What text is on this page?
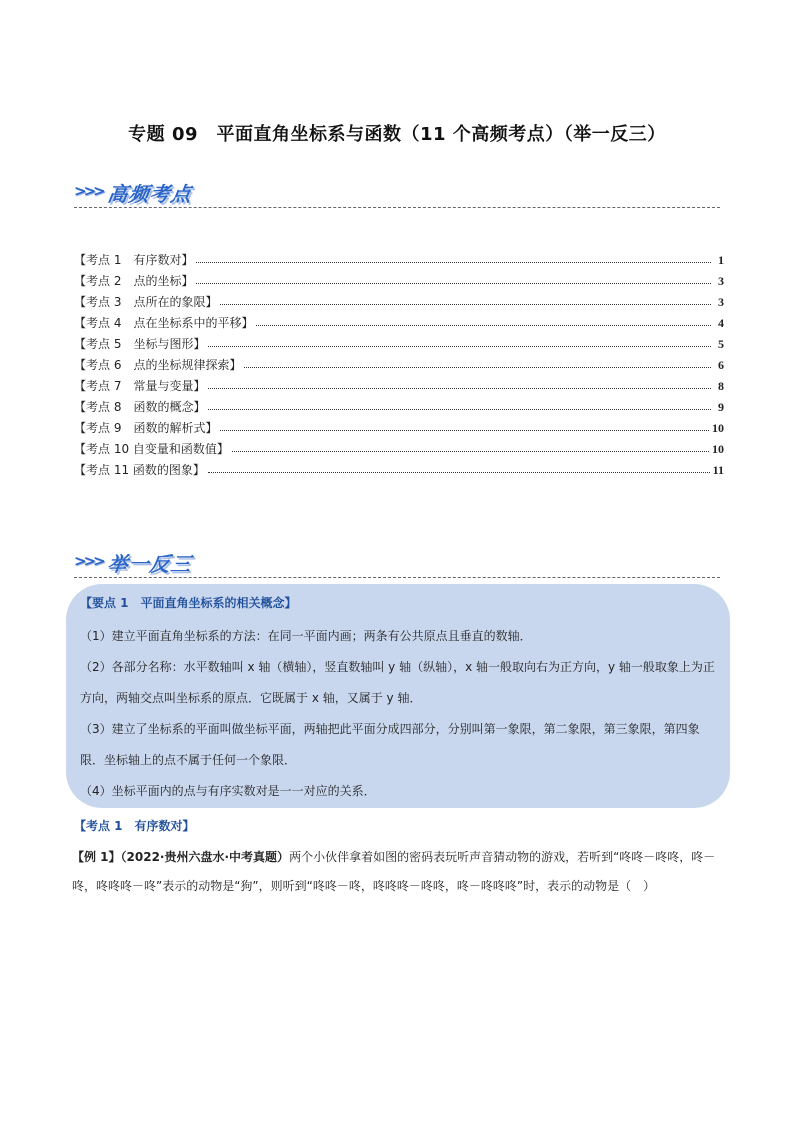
专题 09　平面直角坐标系与函数（11 个高频考点）（举一反三）
>>> 高频考点
【考点 1　有序数对】	1
【考点 2　点的坐标】	3
【考点 3　点所在的象限】	3
【考点 4　点在坐标系中的平移】	4
【考点 5　坐标与图形】	5
【考点 6　点的坐标规律探索】	6
【考点 7　常量与变量】	8
【考点 8　函数的概念】	9
【考点 9　函数的解析式】	10
【考点 10 自变量和函数值】	10
【考点 11 函数的图象】	11
>>> 举一反三
【要点 1　平面直角坐标系的相关概念】

（1）建立平面直角坐标系的方法：在同一平面内画；两条有公共原点且垂直的数轴．

（2）各部分名称：水平数轴叫 x 轴（横轴），竖直数轴叫 y 轴（纵轴），x 轴一般取向右为正方向，y 轴一般取象上为正方向，两轴交点叫坐标系的原点．它既属于 x 轴，又属于 y 轴．

（3）建立了坐标系的平面叫做坐标平面，两轴把此平面分成四部分，分别叫第一象限，第二象限，第三象限，第四象限．坐标轴上的点不属于任何一个象限．

（4）坐标平面内的点与有序实数对是一一对应的关系．

【考点 1　有序数对】
【例 1】（2022·贵州六盘水·中考真题）两个小伙伴拿着如图的密码表玩听声音猜动物的游戏，若听到“咚咚－咚咚，咚－咚，咚咚咚－咚”表示的动物是“狗”，则听到“咚咚－咚，咚咚咚－咚咚，咚－咚咚咚”时，表示的动物是（　）
